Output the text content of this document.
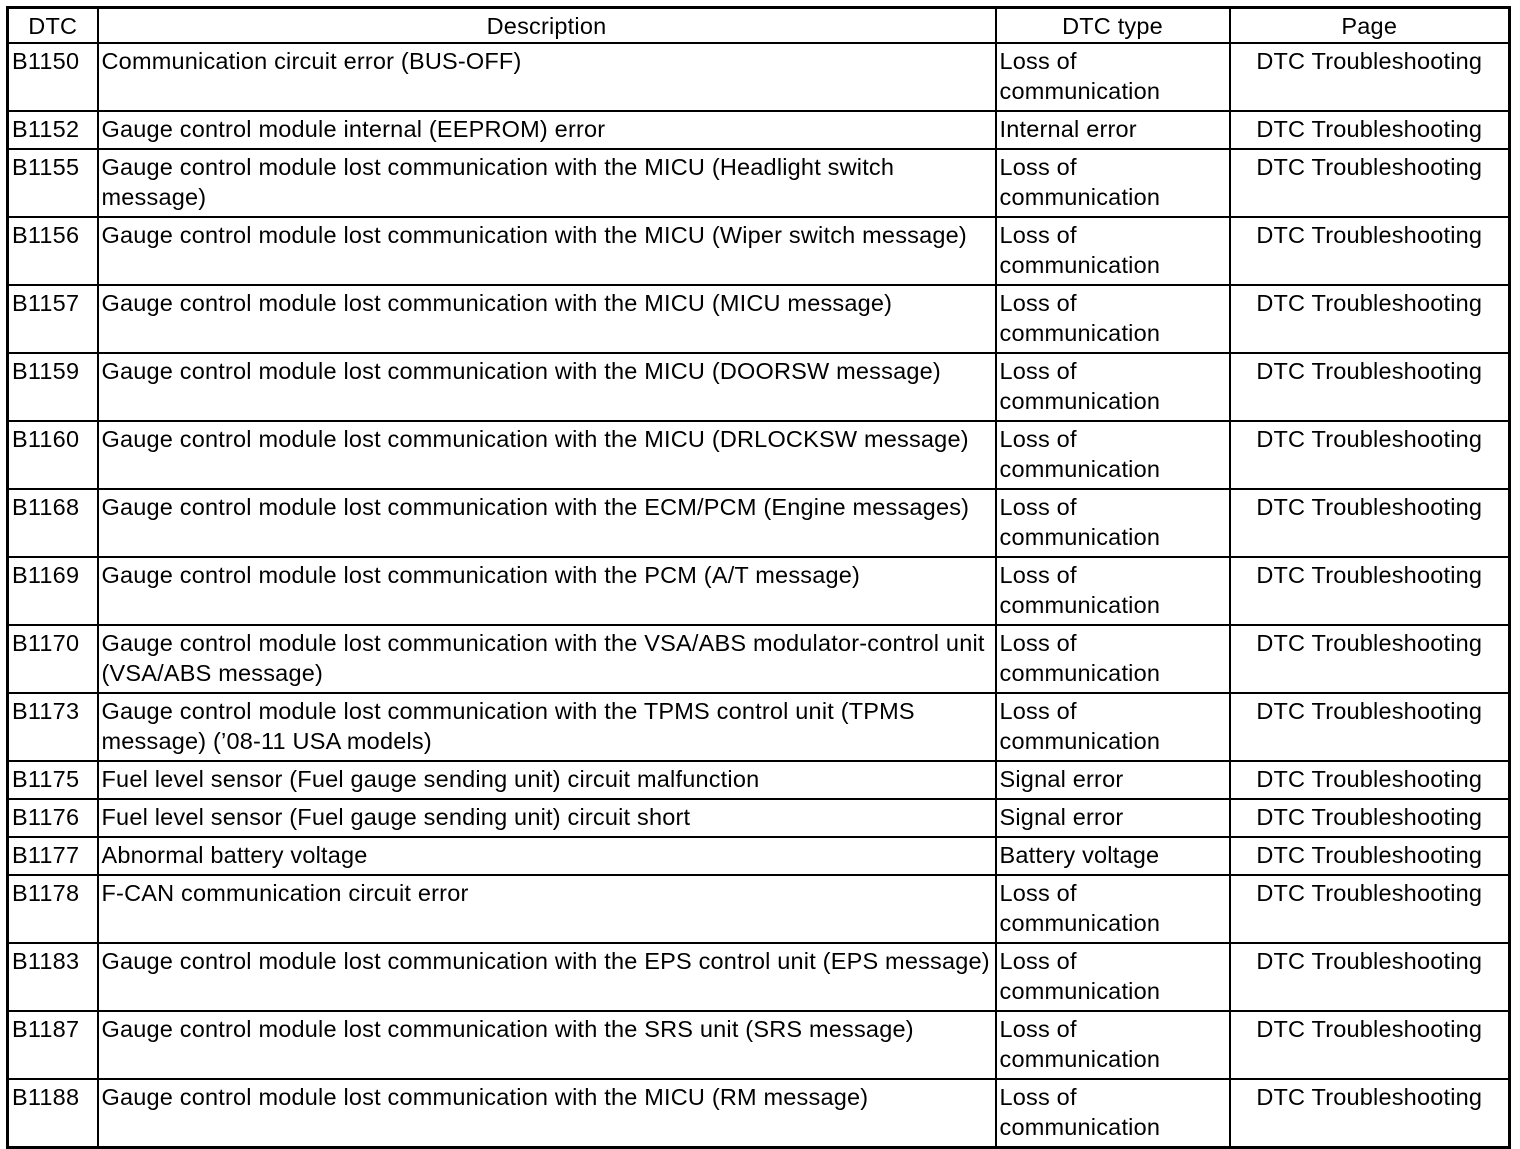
DTC	Description	DTC type	Page
B1150	Communication circuit error (BUS-OFF)	Loss of communication	DTC Troubleshooting
B1152	Gauge control module internal (EEPROM) error	Internal error	DTC Troubleshooting
B1155	Gauge control module lost communication with the MICU (Headlight switch message)	Loss of communication	DTC Troubleshooting
B1156	Gauge control module lost communication with the MICU (Wiper switch message)	Loss of communication	DTC Troubleshooting
B1157	Gauge control module lost communication with the MICU (MICU message)	Loss of communication	DTC Troubleshooting
B1159	Gauge control module lost communication with the MICU (DOORSW message)	Loss of communication	DTC Troubleshooting
B1160	Gauge control module lost communication with the MICU (DRLOCKSW message)	Loss of communication	DTC Troubleshooting
B1168	Gauge control module lost communication with the ECM/PCM (Engine messages)	Loss of communication	DTC Troubleshooting
B1169	Gauge control module lost communication with the PCM (A/T message)	Loss of communication	DTC Troubleshooting
B1170	Gauge control module lost communication with the VSA/ABS modulator-control unit (VSA/ABS message)	Loss of communication	DTC Troubleshooting
B1173	Gauge control module lost communication with the TPMS control unit (TPMS message) (’08-11 USA models)	Loss of communication	DTC Troubleshooting
B1175	Fuel level sensor (Fuel gauge sending unit) circuit malfunction	Signal error	DTC Troubleshooting
B1176	Fuel level sensor (Fuel gauge sending unit) circuit short	Signal error	DTC Troubleshooting
B1177	Abnormal battery voltage	Battery voltage	DTC Troubleshooting
B1178	F-CAN communication circuit error	Loss of communication	DTC Troubleshooting
B1183	Gauge control module lost communication with the EPS control unit (EPS message)	Loss of communication	DTC Troubleshooting
B1187	Gauge control module lost communication with the SRS unit (SRS message)	Loss of communication	DTC Troubleshooting
B1188	Gauge control module lost communication with the MICU (RM message)	Loss of communication	DTC Troubleshooting
